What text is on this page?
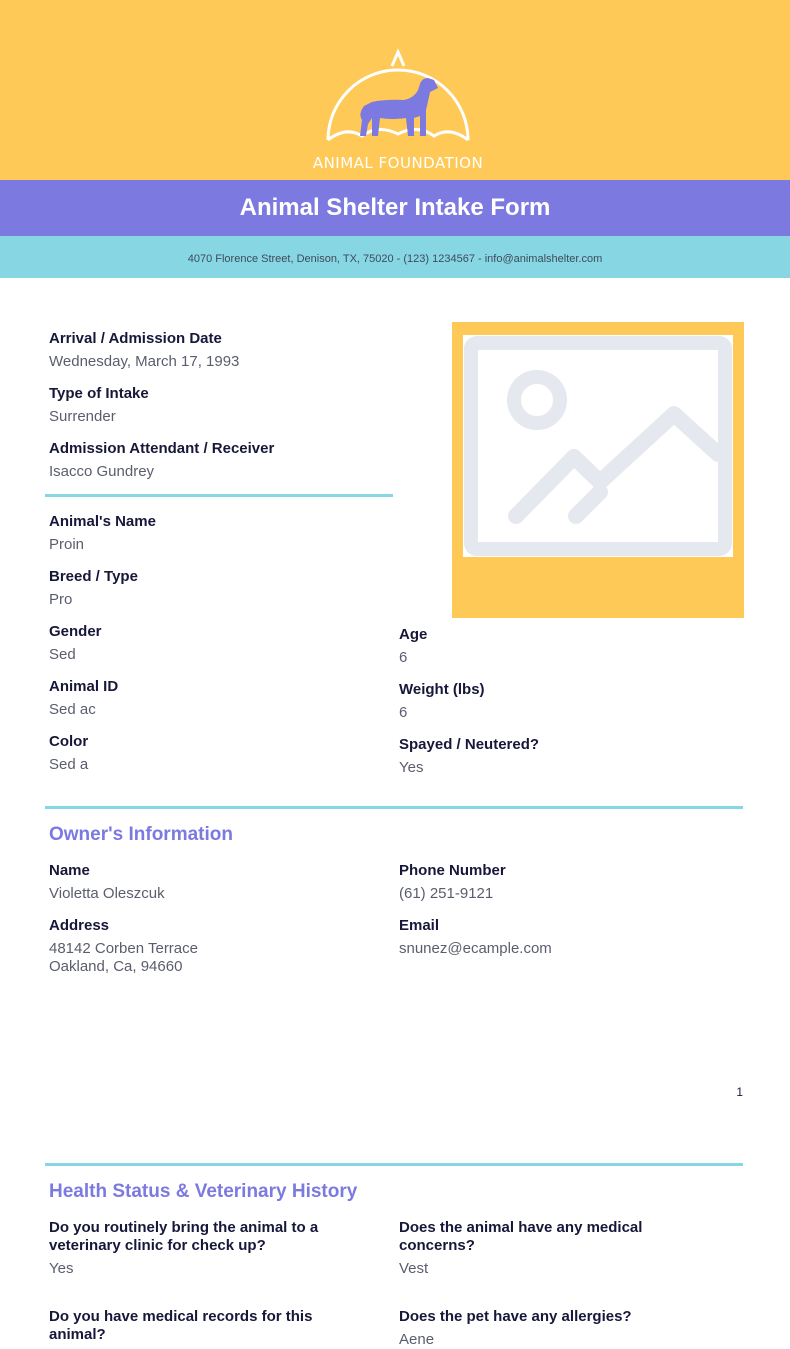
ANIMAL FOUNDATION
Animal Shelter Intake Form
4070 Florence Street, Denison, TX, 75020 - (123) 1234567 - info@animalshelter.com
Arrival / Admission Date
Wednesday, March 17, 1993
Type of Intake
Surrender
Admission Attendant / Receiver
Isacco Gundrey
Animal's Name
Proin
Breed / Type
Pro
Gender
Sed
Age
6
Animal ID
Sed ac
Weight (lbs)
6
Color
Sed a
Spayed / Neutered?
Yes
Owner's Information
Name
Violetta Oleszcuk
Phone Number
(61) 251-9121
Address
48142 Corben Terrace
Oakland, Ca, 94660
Email
snunez@ecample.com
1
Health Status & Veterinary History
Do you routinely bring the animal to a veterinary clinic for check up?
Yes
Does the animal have any medical concerns?
Vest
Do you have medical records for this animal?
Does the pet have any allergies?
Aene
